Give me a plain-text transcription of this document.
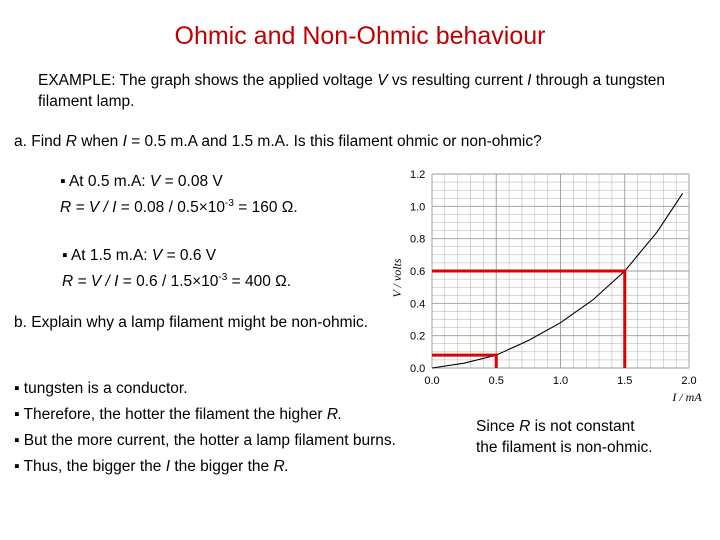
Ohmic and Non-Ohmic behaviour
EXAMPLE: The graph shows the applied voltage V vs resulting current I through a tungsten filament lamp.
a. Find R when I = 0.5 m.A and 1.5 m.A. Is this filament ohmic or non-ohmic?
▪ At 0.5 m.A: V = 0.08 V
$R = V / I = 0.08 / 0.5\times 10^{-3} = 160$ Ω.
▪ At 1.5 m.A: V = 0.6 V
$R = V / I = 0.6 / 1.5\times 10^{-3} = 400$ Ω.
b. Explain why a lamp filament might be non-ohmic.
▪ tungsten is a conductor.
▪ Therefore, the hotter the filament the higher R.
▪ But the more current, the hotter a lamp filament burns.
▪ Thus, the bigger the I the bigger the R.
Since R is not constant
the filament is non-ohmic.
0.0	0.5	1.0	1.5	2.0
0.0
0.2
0.4
0.6
0.8
1.0
1.2
V / volts
I / mA
